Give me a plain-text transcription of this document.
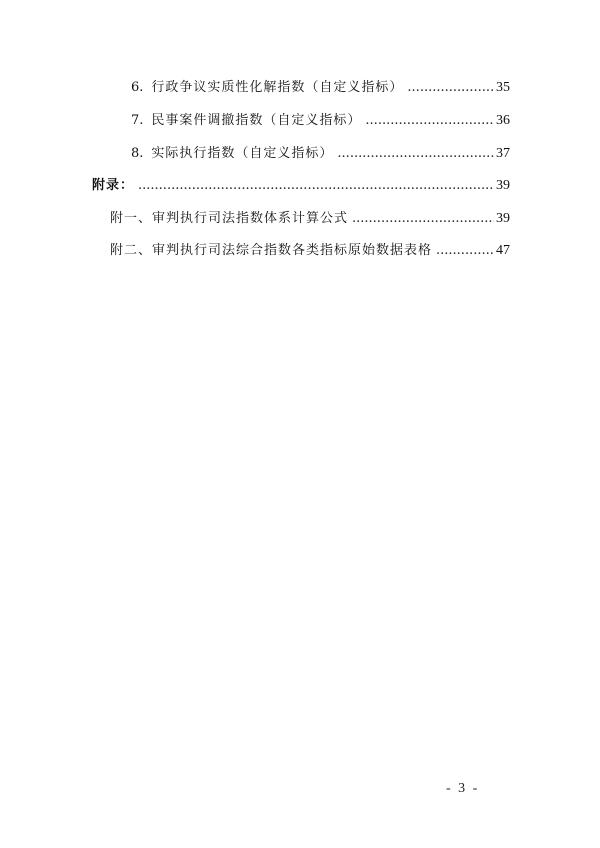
6. 行政争议实质性化解指数（自定义指标） .....	35
7. 民事案件调撤指数（自定义指标） .....	36
8. 实际执行指数（自定义指标） .....	37
附录： .....	39
附一、审判执行司法指数体系计算公式 .....	39
附二、审判执行司法综合指数各类指标原始数据表格 .....	47
- 3 -
